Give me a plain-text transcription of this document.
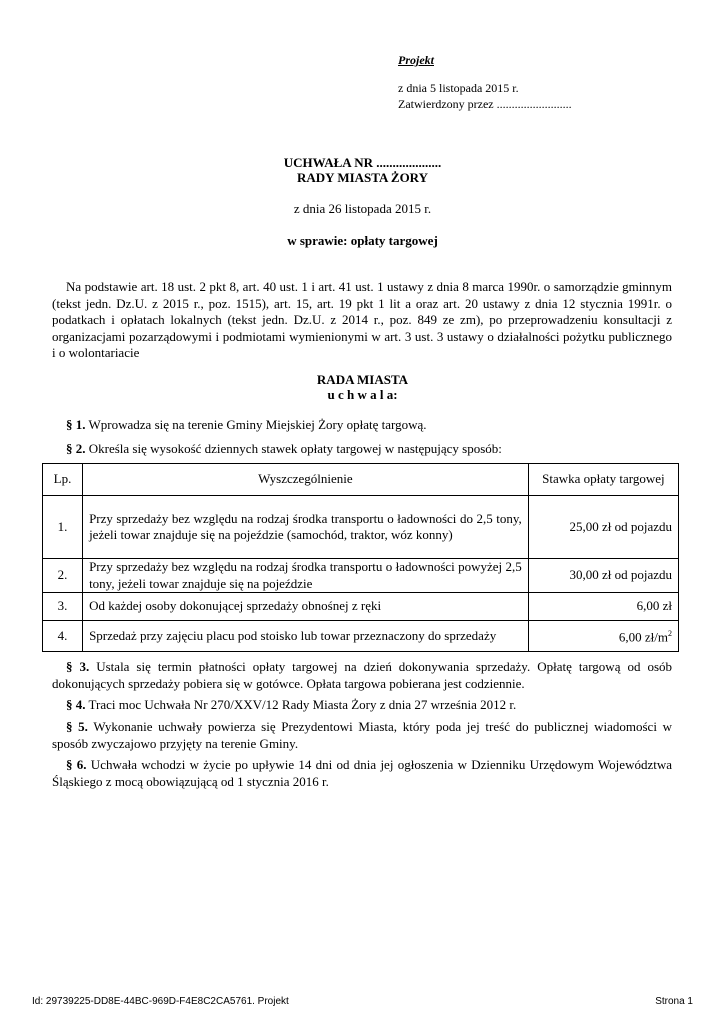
Projekt
z dnia 5 listopada 2015 r.
Zatwierdzony przez .........................
UCHWAŁA NR ....................
RADY MIASTA ŻORY
z dnia 26 listopada 2015 r.
w sprawie: opłaty targowej
Na podstawie art. 18 ust. 2 pkt 8, art. 40 ust. 1 i art. 41 ust. 1 ustawy z dnia 8 marca 1990r. o samorządzie gminnym (tekst jedn. Dz.U. z 2015 r., poz. 1515), art. 15, art. 19 pkt 1 lit a oraz art. 20 ustawy z dnia 12 stycznia 1991r. o podatkach i opłatach lokalnych (tekst jedn. Dz.U. z 2014 r., poz. 849 ze zm), po przeprowadzeniu konsultacji z organizacjami pozarządowymi i podmiotami wymienionymi w art. 3 ust. 3 ustawy o działalności pożytku publicznego i o wolontariacie
RADA MIASTA
u c h w a l a:
§ 1. Wprowadza się na terenie Gminy Miejskiej Żory opłatę targową.
§ 2. Określa się wysokość dziennych stawek opłaty targowej w następujący sposób:
Lp.	Wyszczególnienie	Stawka opłaty targowej
1.	Przy sprzedaży bez względu na rodzaj środka transportu o ładowności do 2,5 tony, jeżeli towar znajduje się na pojeździe (samochód, traktor, wóz konny)	25,00 zł od pojazdu
2.	Przy sprzedaży bez względu na rodzaj środka transportu o ładowności powyżej 2,5 tony, jeżeli towar znajduje się na pojeździe	30,00 zł od pojazdu
3.	Od każdej osoby dokonującej sprzedaży obnośnej z ręki	6,00 zł
4.	Sprzedaż przy zajęciu placu pod stoisko lub towar przeznaczony do sprzedaży	6,00 $zł/m^2$
§ 3. Ustala się termin płatności opłaty targowej na dzień dokonywania sprzedaży. Opłatę targową od osób dokonujących sprzedaży pobiera się w gotówce. Opłata targowa pobierana jest codziennie.
§ 4. Traci moc Uchwała Nr 270/XXV/12 Rady Miasta Żory z dnia 27 września 2012 r.
§ 5. Wykonanie uchwały powierza się Prezydentowi Miasta, który poda jej treść do publicznej wiadomości w sposób zwyczajowo przyjęty na terenie Gminy.
§ 6. Uchwała wchodzi w życie po upływie 14 dni od dnia jej ogłoszenia w Dzienniku Urzędowym Województwa Śląskiego z mocą obowiązującą od 1 stycznia 2016 r.
Id: 29739225-DD8E-44BC-969D-F4E8C2CA5761. Projekt	Strona 1
